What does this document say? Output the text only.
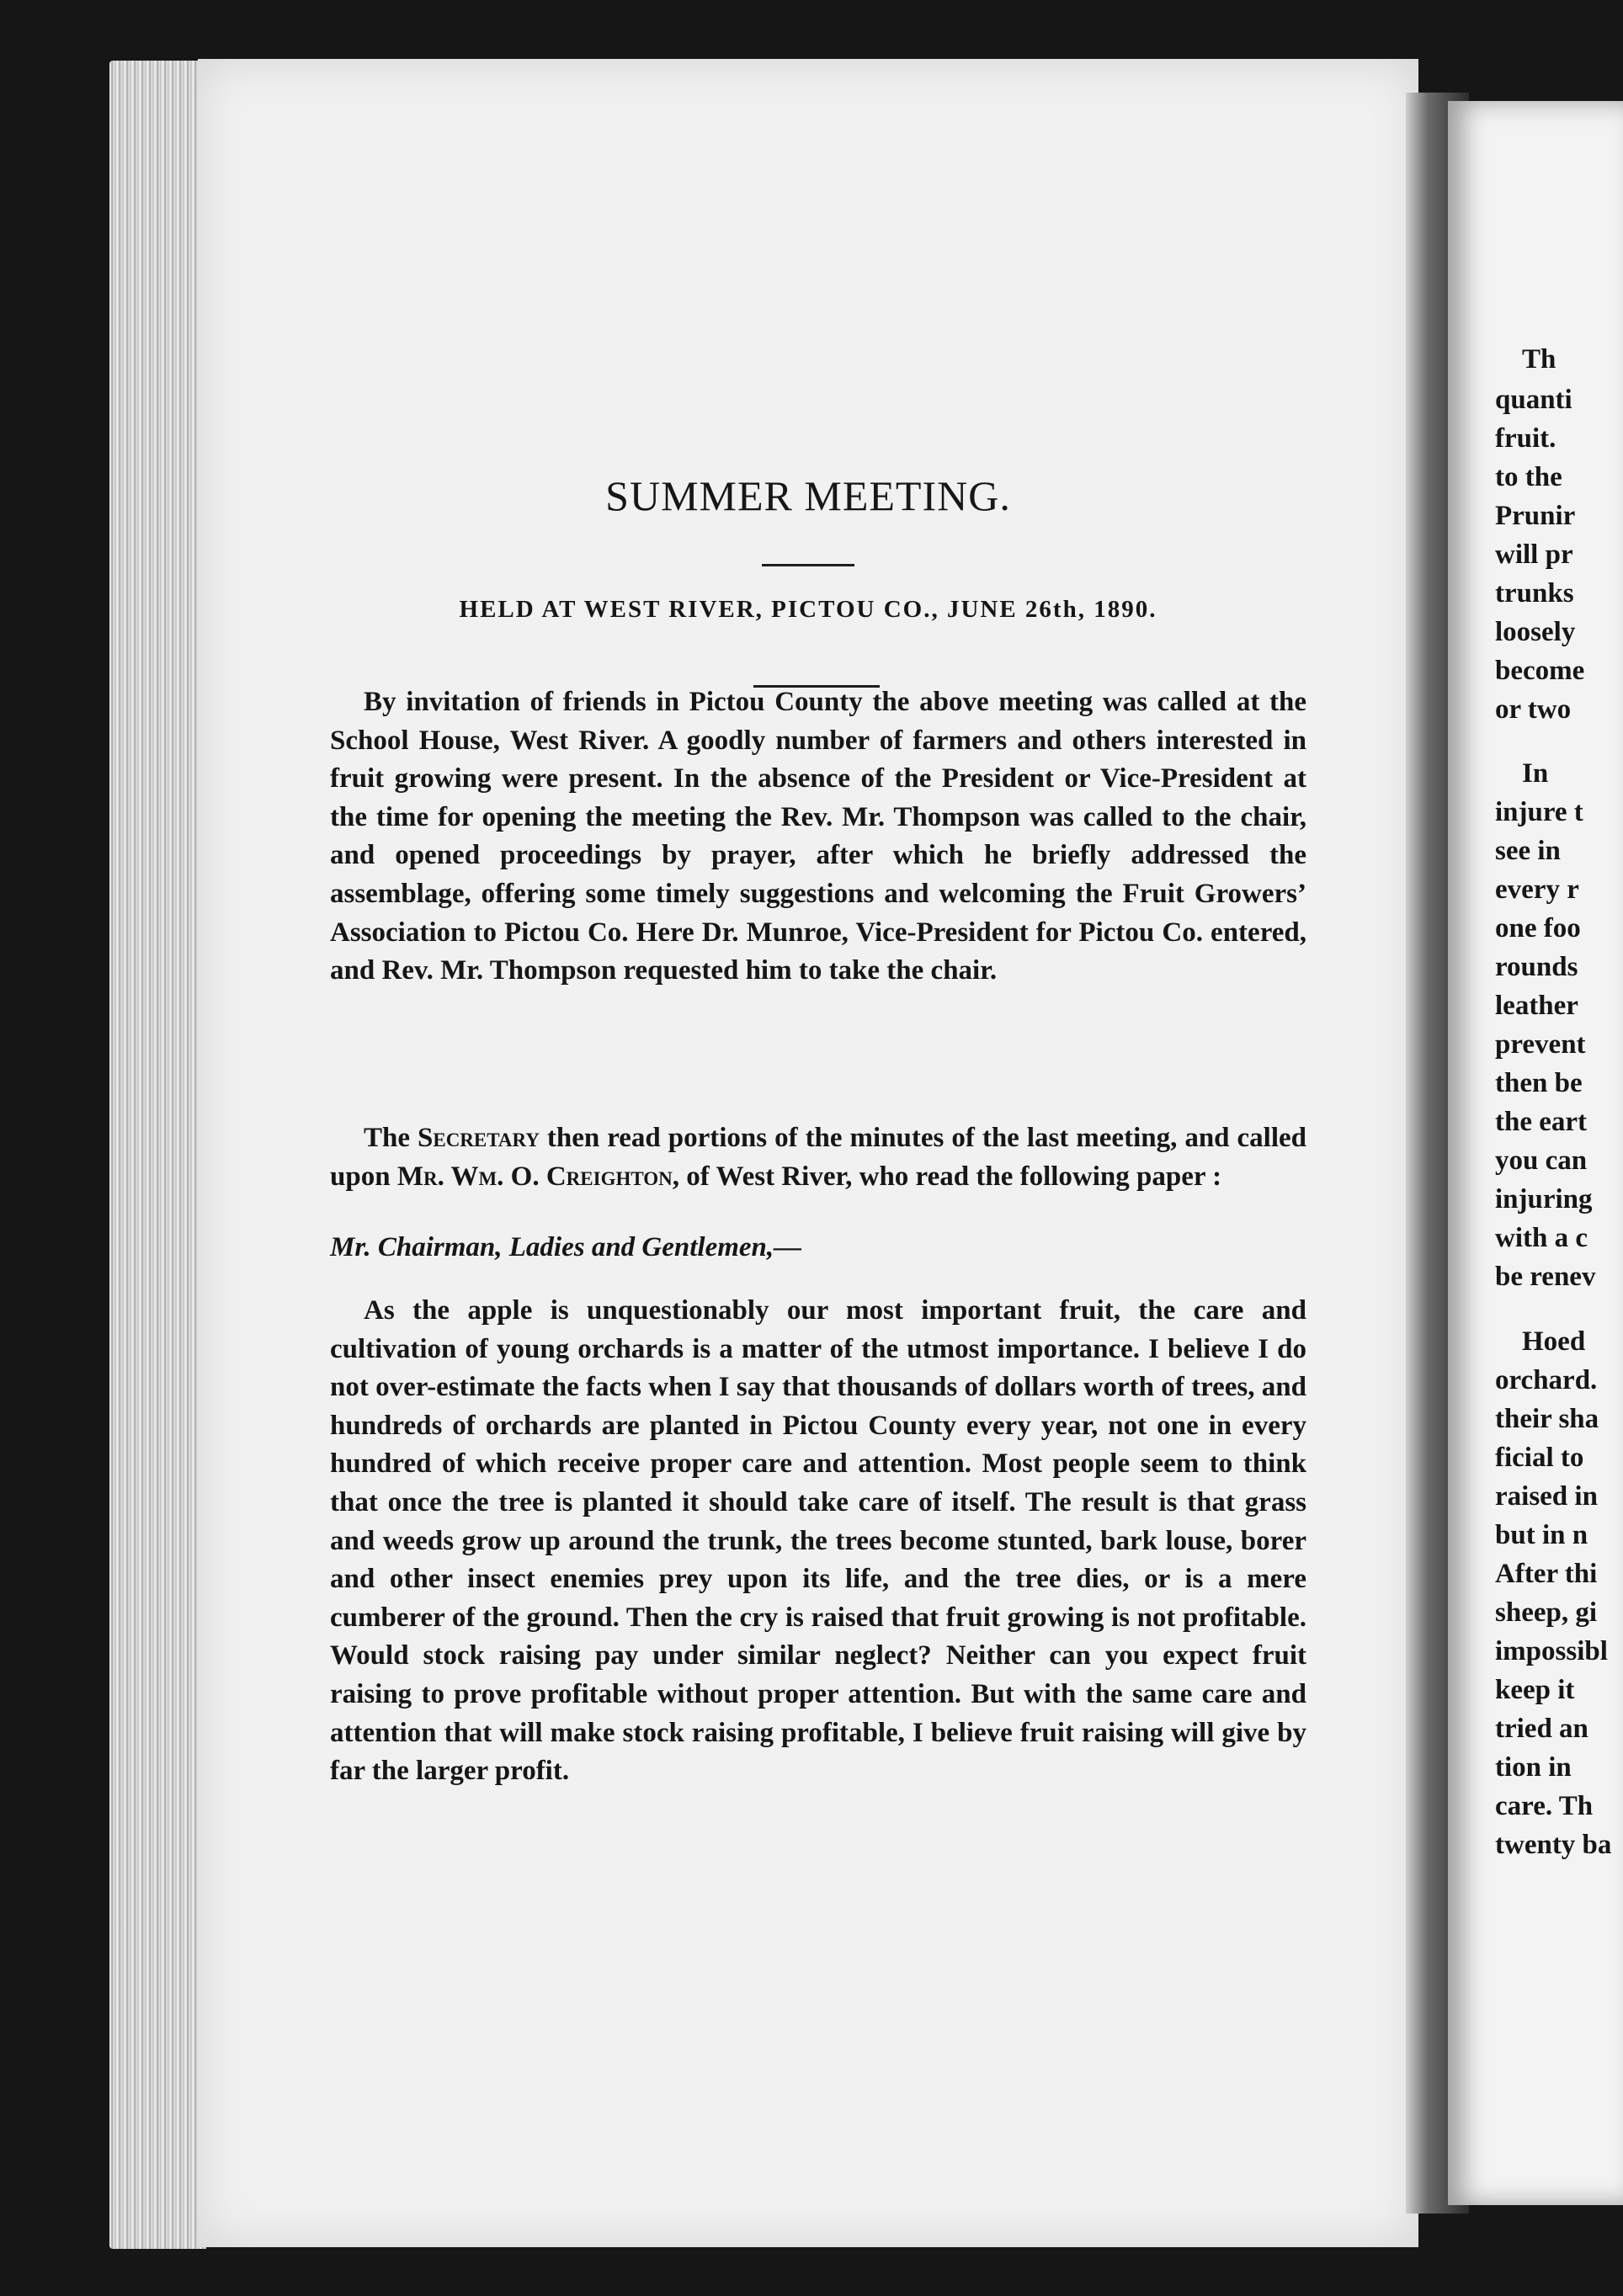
SUMMER MEETING.

HELD AT WEST RIVER, PICTOU CO., JUNE 26th, 1890.

By invitation of friends in Pictou County the above meeting was called at the School House, West River. A goodly number of farmers and others interested in fruit growing were present. In the absence of the President or Vice-President at the time for opening the meeting the Rev. Mr. Thompson was called to the chair, and opened proceedings by prayer, after which he briefly addressed the assemblage, offering some timely suggestions and welcoming the Fruit Growers’ Association to Pictou Co. Here Dr. Munroe, Vice-President for Pictou Co. entered, and Rev. Mr. Thompson requested him to take the chair.

The Secretary then read portions of the minutes of the last meeting, and called upon Mr. Wm. O. Creighton, of West River, who read the following paper :

Mr. Chairman, Ladies and Gentlemen,—

As the apple is unquestionably our most important fruit, the care and cultivation of young orchards is a matter of the utmost importance. I believe I do not over-estimate the facts when I say that thousands of dollars worth of trees, and hundreds of orchards are planted in Pictou County every year, not one in every hundred of which receive proper care and attention. Most people seem to think that once the tree is planted it should take care of itself. The result is that grass and weeds grow up around the trunk, the trees become stunted, bark louse, borer and other insect enemies prey upon its life, and the tree dies, or is a mere cumberer of the ground. Then the cry is raised that fruit growing is not profitable. Would stock raising pay under similar neglect? Neither can you expect fruit raising to prove profitable without proper attention. But with the same care and attention that will make stock raising profitable, I believe fruit raising will give by far the larger profit.

Th

quanti

fruit.

to the

Prunir

will pr

trunks

loosely

become

or two

In

injure t

see in

every r

one foo

rounds

leather

prevent

then be

the eart

you can

injuring

with a c

be renev

Hoed

orchard.

their sha

ficial to

raised in

but in n

After thi

sheep, gi

impossibl

keep it

tried an

tion in

care. Th

twenty ba
